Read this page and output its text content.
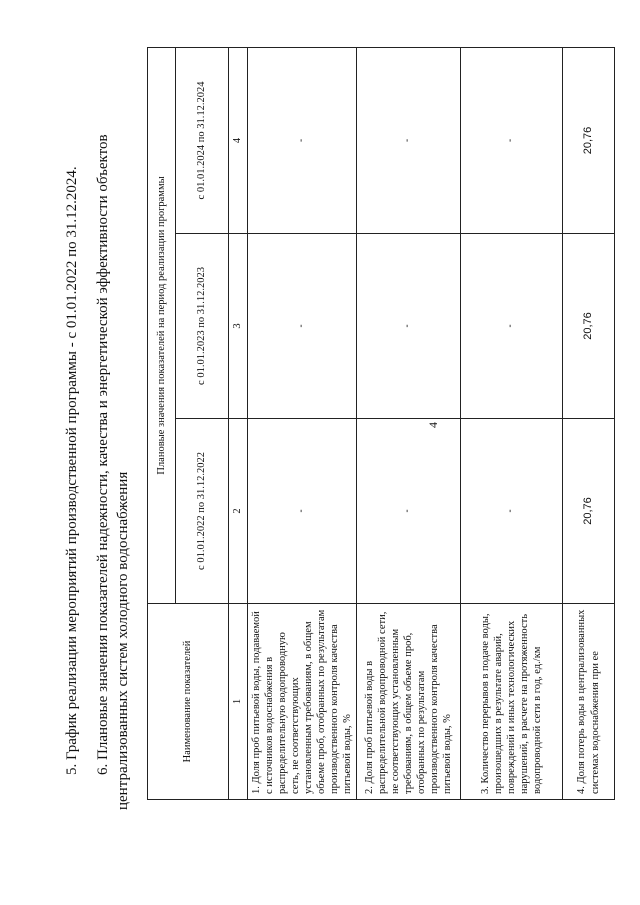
4
5. График реализации мероприятий производственной программы - с 01.01.2022 по 31.12.2024. 6. Плановые значения показателей надежности, качества и энергетической эффективности объектов централизованных систем холодного водоснабжения	Наименование показателей	Плановые значения показателей на период реализации программы		
	с 01.01.2022 по 31.12.2022	с 01.01.2023 по 31.12.2023	с 01.01.2024 по 31.12.2024
1	2	3	4
1. Доля проб питьевой воды, подаваемой с источников водоснабжения в распределительную водопроводную сеть, не соответствующих установленным требованиям, в общем объеме проб, отобранных по результатам производственного контроля качества питьевой воды, %	-	-	-
2. Доля проб питьевой воды в распределительной водопроводной сети, не соответствующих установленным требованиям, в общем объеме проб, отобранных по результатам производственного контроля качества питьевой воды, %	-	-	-
3. Количество перерывов в подаче воды, произошедших в результате аварий, повреждений и иных технологических нарушений, в расчете на протяженность водопроводной сети в год, ед./км	-	-	-
4. Доля потерь воды в централизованных системах водоснабжения при ее	20,76	20,76	20,76
